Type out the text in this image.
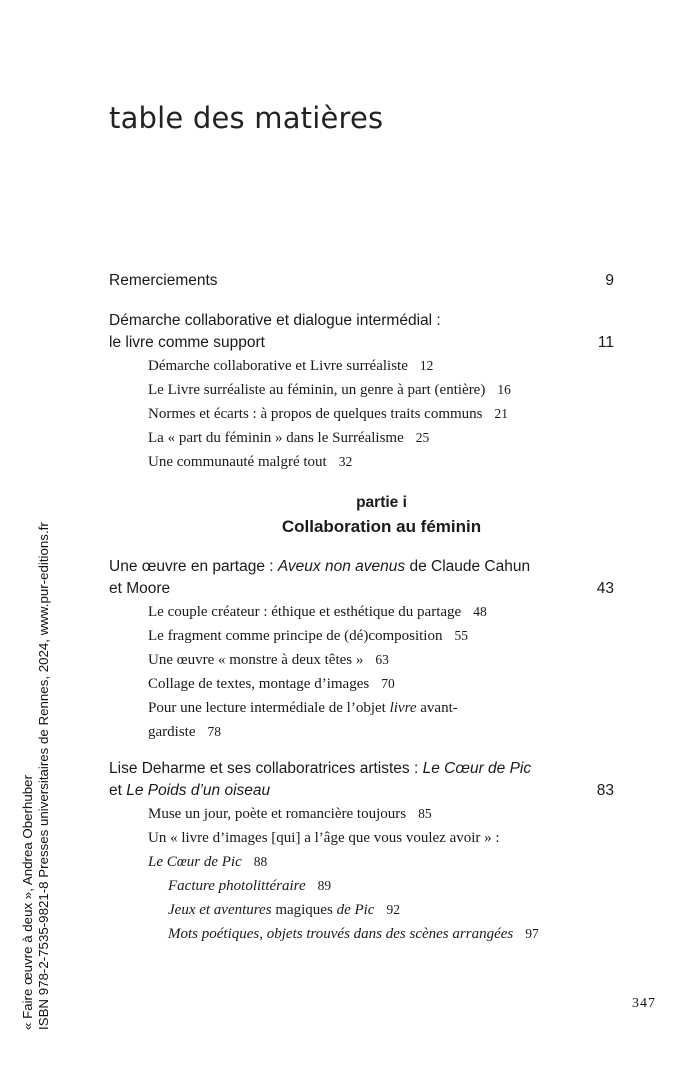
table des matières
Remerciements	9
Démarche collaborative et dialogue intermédial :
le livre comme support	11
Démarche collaborative et Livre surréaliste 12
Le Livre surréaliste au féminin, un genre à part (entière) 16
Normes et écarts : à propos de quelques traits communs 21
La « part du féminin » dans le Surréalisme 25
Une communauté malgré tout 32
partie i
Collaboration au féminin
Une œuvre en partage : Aveux non avenus de Claude Cahun
et Moore	43
Le couple créateur : éthique et esthétique du partage 48
Le fragment comme principe de (dé)composition 55
Une œuvre « monstre à deux têtes » 63
Collage de textes, montage d’images 70
Pour une lecture intermédiale de l’objet livre avant-
gardiste 78
Lise Deharme et ses collaboratrices artistes : Le Cœur de Pic
et Le Poids d’un oiseau	83
Muse un jour, poète et romancière toujours 85
Un « livre d’images [qui] a l’âge que vous voulez avoir » :
Le Cœur de Pic 88
Facture photolittéraire 89
Jeux et aventures magiques de Pic 92
Mots poétiques, objets trouvés dans des scènes arrangées 97
347
« Faire œuvre à deux », Andrea Oberhuber ISBN 978-2-7535-9821-8 Presses universitaires de Rennes, 2024, www.pur-editions.fr
